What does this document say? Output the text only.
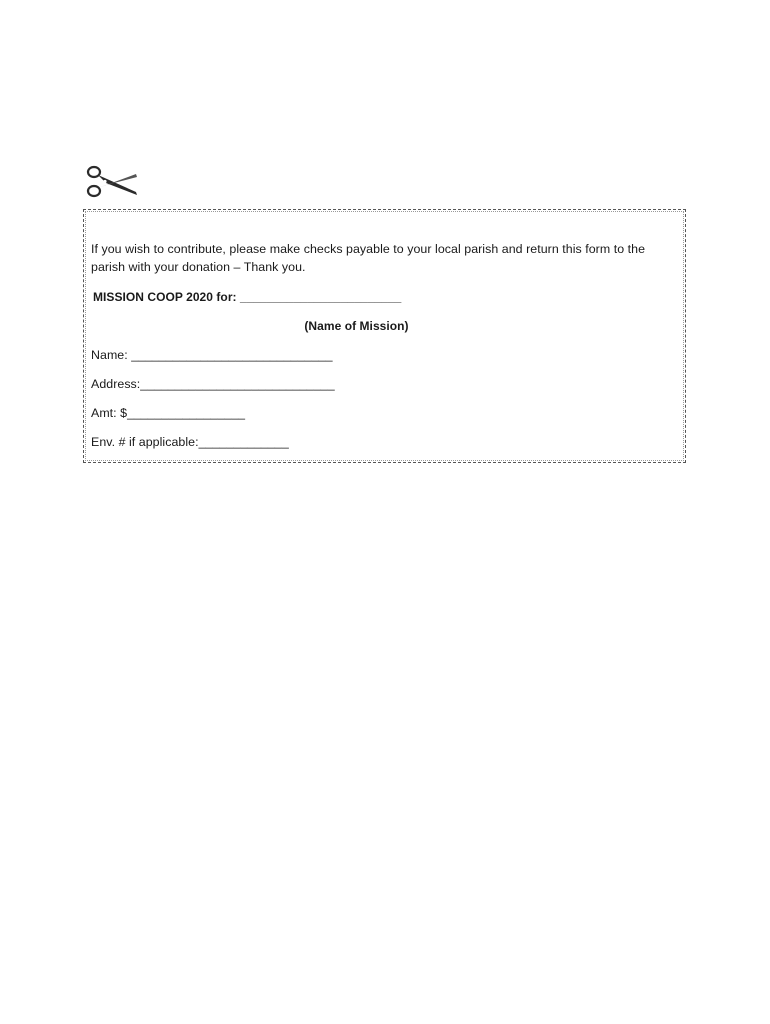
If you wish to contribute, please make checks payable to your local parish and return this form to the parish with your donation – Thank you.
MISSION COOP 2020 for: ________________________
(Name of Mission)
Name: _____________________________
Address:____________________________
Amt: $_________________
Env. # if applicable:_____________
